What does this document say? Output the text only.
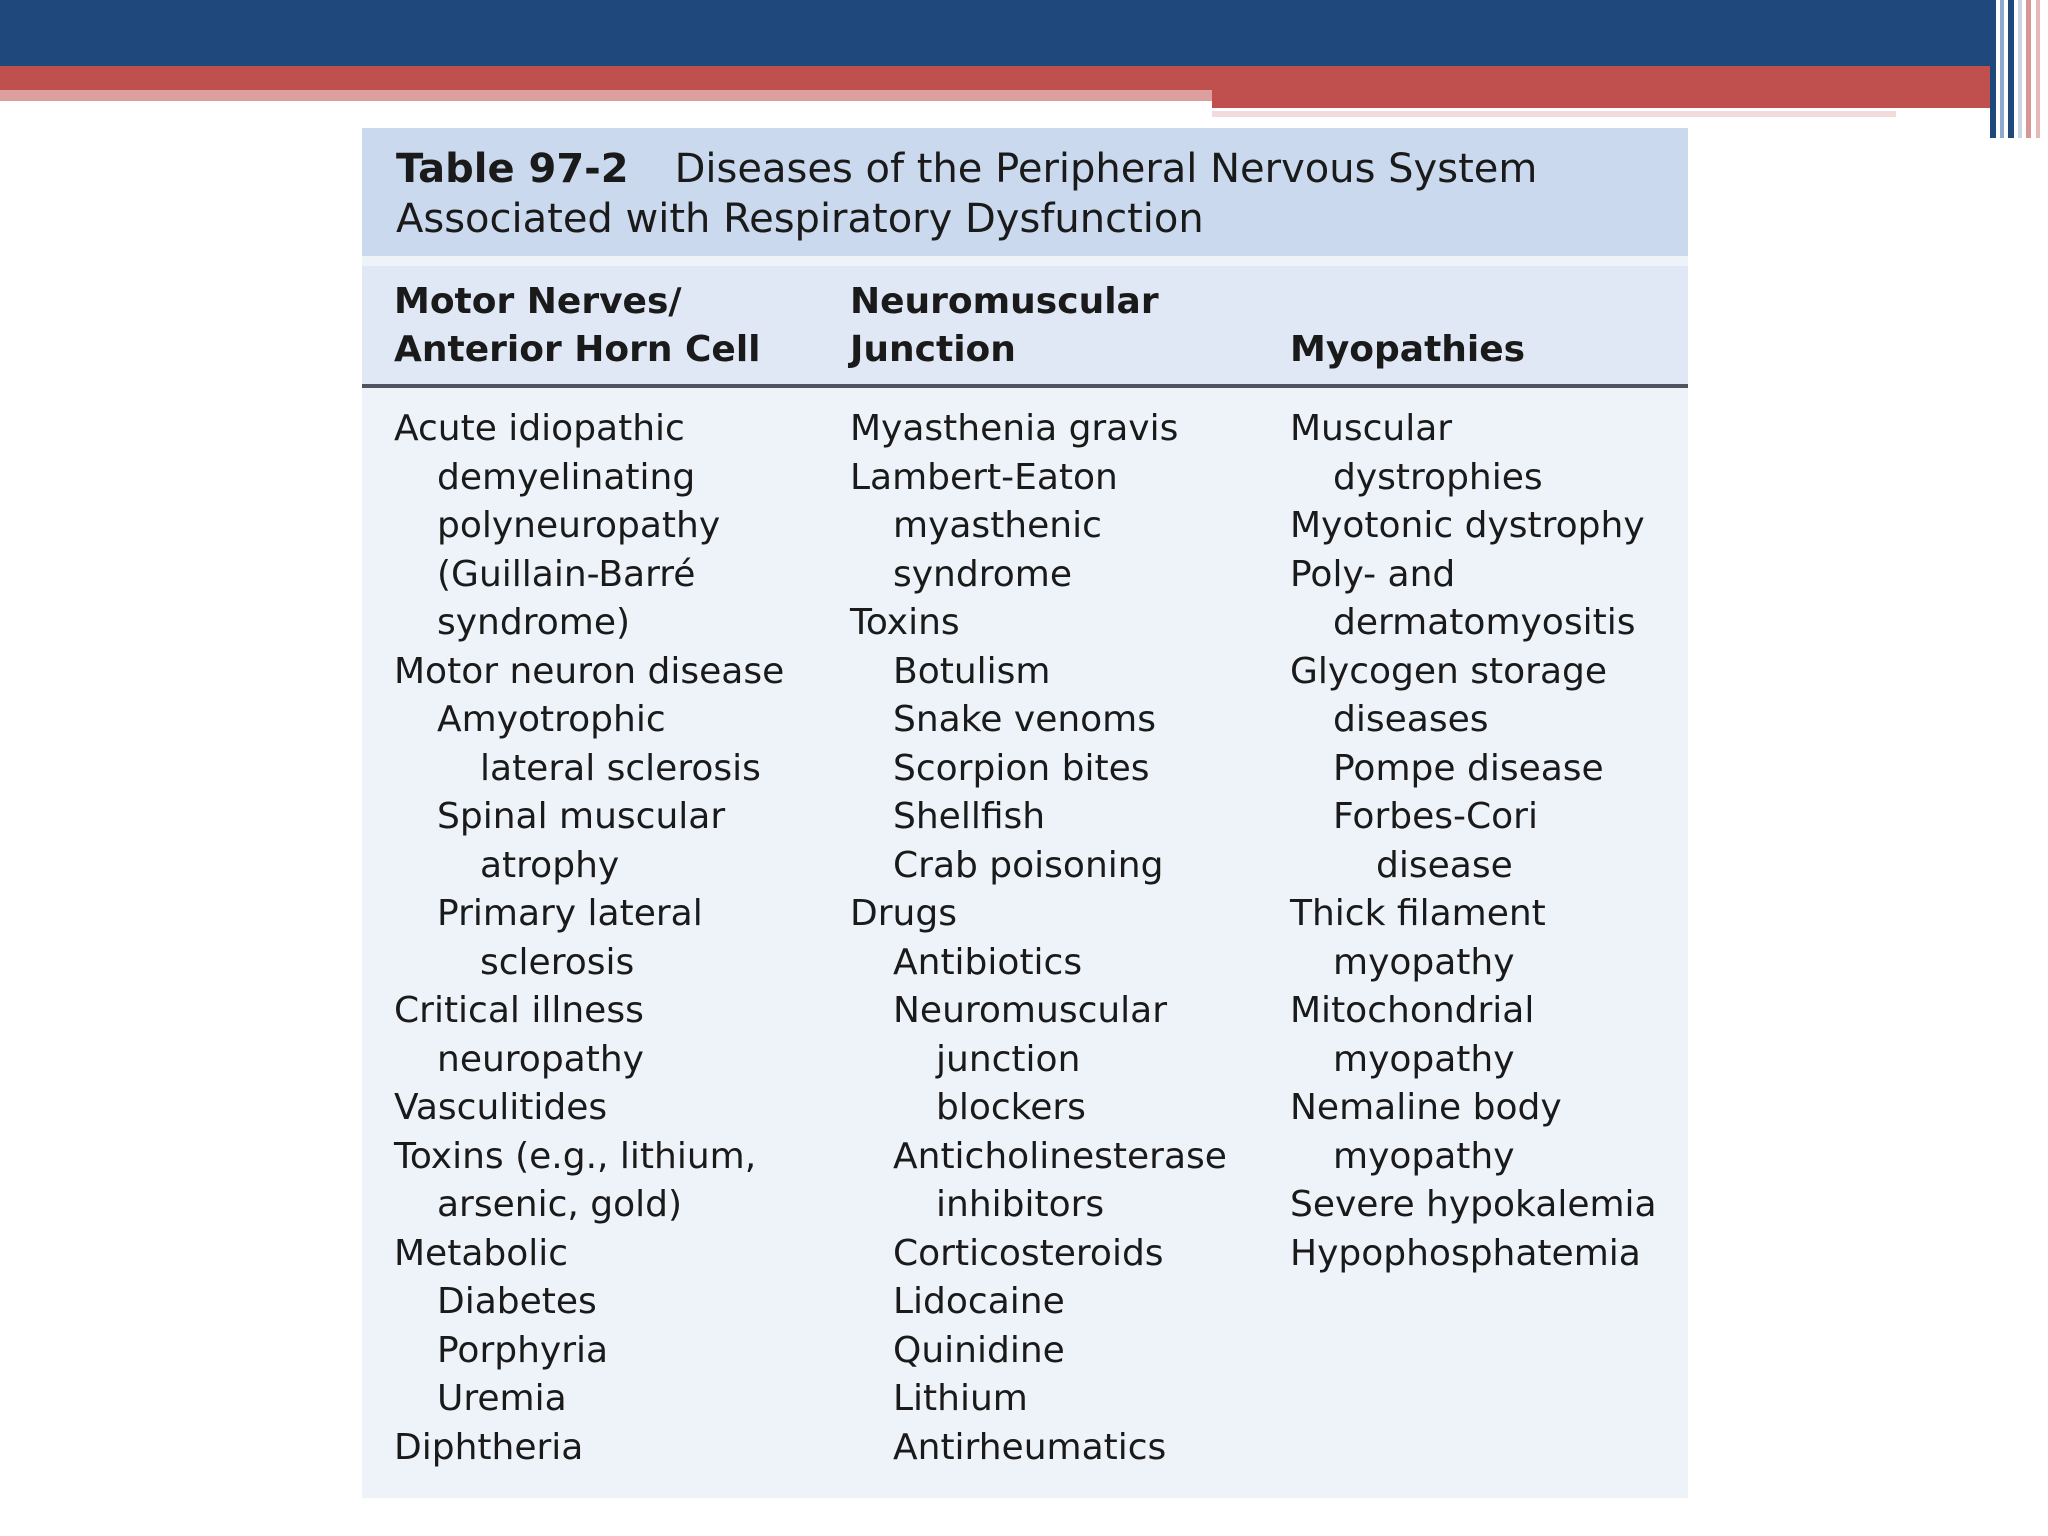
Table 97-2 Diseases of the Peripheral Nervous System
Associated with Respiratory Dysfunction
Motor Nerves/
Anterior Horn Cell
Neuromuscular
Junction	Myopathies
Acute idiopathic
demyelinating
polyneuropathy
(Guillain-Barré
syndrome)
Motor neuron disease
Amyotrophic
lateral sclerosis
Spinal muscular
atrophy
Primary lateral
sclerosis
Critical illness
neuropathy
Vasculitides
Toxins (e.g., lithium,
arsenic, gold)
Metabolic
Diabetes
Porphyria
Uremia
Diphtheria
Myasthenia gravis
Lambert-Eaton
myasthenic
syndrome
Toxins
Botulism
Snake venoms
Scorpion bites
Shellfish
Crab poisoning
Drugs
Antibiotics
Neuromuscular
junction
blockers
Anticholinesterase
inhibitors
Corticosteroids
Lidocaine
Quinidine
Lithium
Antirheumatics
Muscular
dystrophies
Myotonic dystrophy
Poly- and
dermatomyositis
Glycogen storage
diseases
Pompe disease
Forbes-Cori
disease
Thick filament
myopathy
Mitochondrial
myopathy
Nemaline body
myopathy
Severe hypokalemia
Hypophosphatemia
